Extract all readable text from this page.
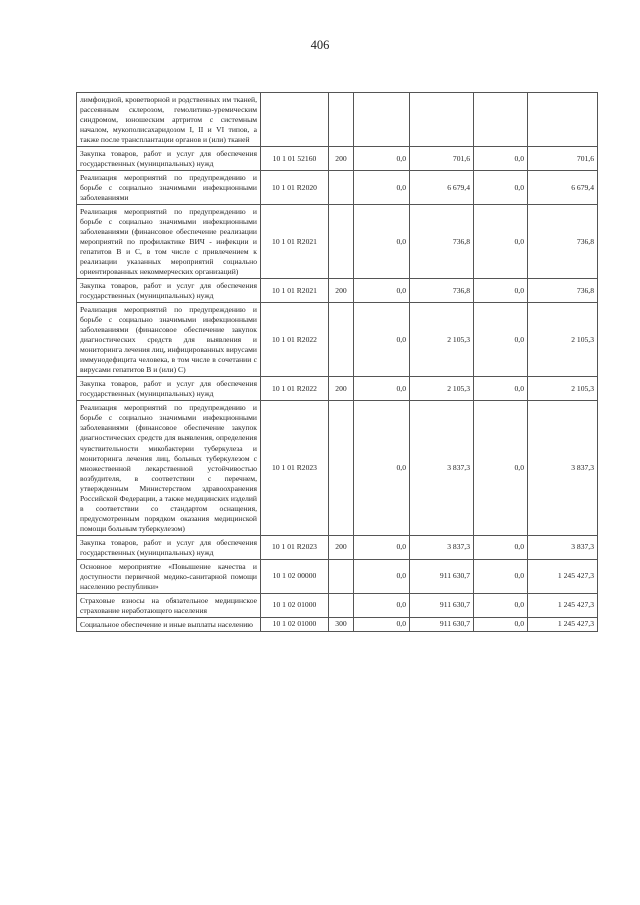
406
лимфоидной, кроветворной и родственных им тканей, рассеянным склерозом, гемолитико-уремическим синдромом, юношеским артритом с системным началом, мукополисахаридозом I, II и VI типов, а также после трансплантации органов и (или) тканей						
Закупка товаров, работ и услуг для обеспечения государственных (муниципальных) нужд	10 1 01 52160	200	0,0	701,6	0,0	701,6
Реализация мероприятий по предупреждению и борьбе с социально значимыми инфекционными заболеваниями	10 1 01 R2020		0,0	6 679,4	0,0	6 679,4
Реализация мероприятий по предупреждению и борьбе с социально значимыми инфекционными заболеваниями (финансовое обеспечение реализации мероприятий по профилактике ВИЧ - инфекции и гепатитов В и С, в том числе с привлечением к реализации указанных мероприятий социально ориентированных некоммерческих организаций)	10 1 01 R2021		0,0	736,8	0,0	736,8
Закупка товаров, работ и услуг для обеспечения государственных (муниципальных) нужд	10 1 01 R2021	200	0,0	736,8	0,0	736,8
Реализация мероприятий по предупреждению и борьбе с социально значимыми инфекционными заболеваниями (финансовое обеспечение закупок диагностических средств для выявления и мониторинга лечения лиц, инфицированных вирусами иммунодефицита человека, в том числе в сочетании с вирусами гепатитов В и (или) С)	10 1 01 R2022		0,0	2 105,3	0,0	2 105,3
Закупка товаров, работ и услуг для обеспечения государственных (муниципальных) нужд	10 1 01 R2022	200	0,0	2 105,3	0,0	2 105,3
Реализация мероприятий по предупреждению и борьбе с социально значимыми инфекционными заболеваниями (финансовое обеспечение закупок диагностических средств для выявления, определения чувствительности микобактерии туберкулеза и мониторинга лечения лиц, больных туберкулезом с множественной лекарственной устойчивостью возбудителя, в соответствии с перечнем, утвержденным Министерством здравоохранения Российской Федерации, а также медицинских изделий в соответствии со стандартом оснащения, предусмотренным порядком оказания медицинской помощи больным туберкулезом)	10 1 01 R2023		0,0	3 837,3	0,0	3 837,3
Закупка товаров, работ и услуг для обеспечения государственных (муниципальных) нужд	10 1 01 R2023	200	0,0	3 837,3	0,0	3 837,3
Основное мероприятие «Повышение качества и доступности первичной медико-санитарной помощи населению республики»	10 1 02 00000		0,0	911 630,7	0,0	1 245 427,3
Страховые взносы на обязательное медицинское страхование неработающего населения	10 1 02 01000		0,0	911 630,7	0,0	1 245 427,3
Социальное обеспечение и иные выплаты населению	10 1 02 01000	300	0,0	911 630,7	0,0	1 245 427,3
